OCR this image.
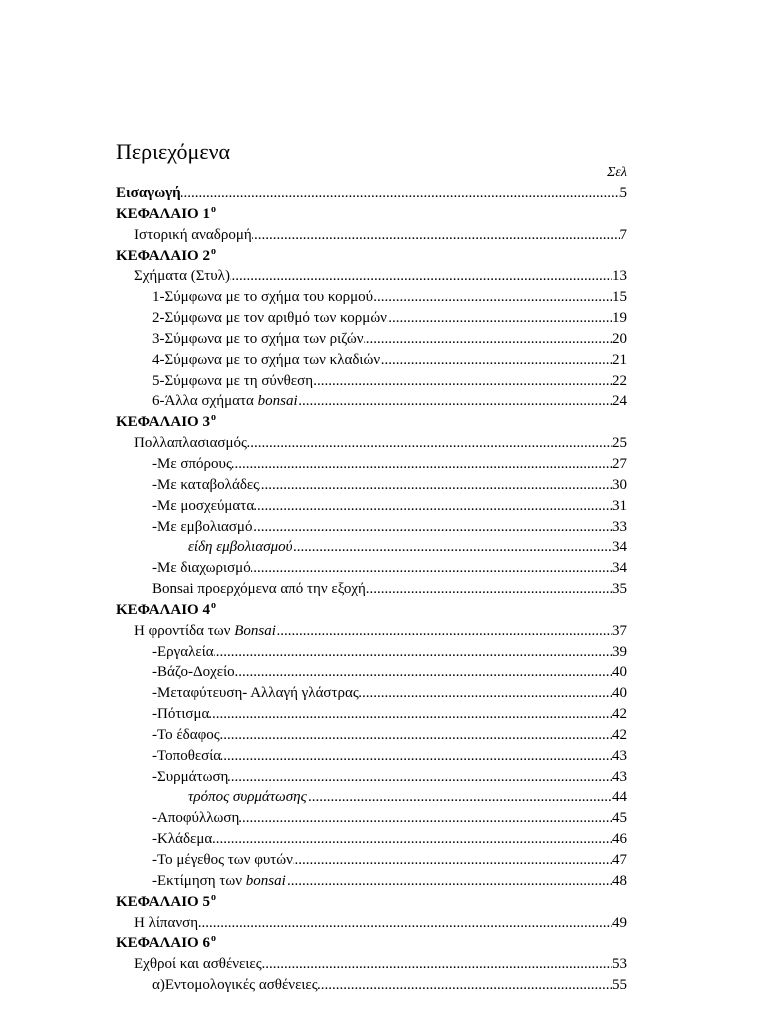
Περιεχόμενα
Σελ
.....
Εισαγωγή	5
ΚΕΦΑΛΑΙΟ $1^o$
.....
Ιστορική αναδρομή	7
ΚΕΦΑΛΑΙΟ $2^o$
.....
Σχήματα (Στυλ)	13
.....
1-Σύμφωνα με το σχήμα του κορμού	15
.....
2-Σύμφωνα με τον αριθμό των κορμών	19
.....
3-Σύμφωνα με το σχήμα των ριζών	20
.....
4-Σύμφωνα με το σχήμα των κλαδιών	21
.....
5-Σύμφωνα με τη σύνθεση	22
.....
6-Άλλα σχήματα bonsai	24
ΚΕΦΑΛΑΙΟ $3^o$
.....
Πολλαπλασιασμός	25
.....
-Με σπόρους	27
.....
-Με καταβολάδες	30
.....
-Με μοσχεύματα	31
.....
-Με εμβολιασμό	33
.....
είδη εμβολιασμού	34
.....
-Με διαχωρισμό	34
.....
Bonsai προερχόμενα από την εξοχή	35
ΚΕΦΑΛΑΙΟ $4^o$
.....
Η φροντίδα των Bonsai	37
.....
-Εργαλεία	39
.....
-Βάζο-Δοχείο	40
.....
-Μεταφύτευση- Αλλαγή γλάστρας	40
.....
-Πότισμα	42
.....
-Το έδαφος	42
.....
-Τοποθεσία	43
.....
-Συρμάτωση	43
.....
τρόπος συρμάτωσης	44
.....
-Αποφύλλωση	45
.....
-Κλάδεμα	46
.....
-Το μέγεθος των φυτών	47
.....
-Εκτίμηση των bonsai	48
ΚΕΦΑΛΑΙΟ $5^o$
.....
Η λίπανση	49
ΚΕΦΑΛΑΙΟ $6^o$
.....
Εχθροί και ασθένειες	53
.....
α)Εντομολογικές ασθένειες	55
